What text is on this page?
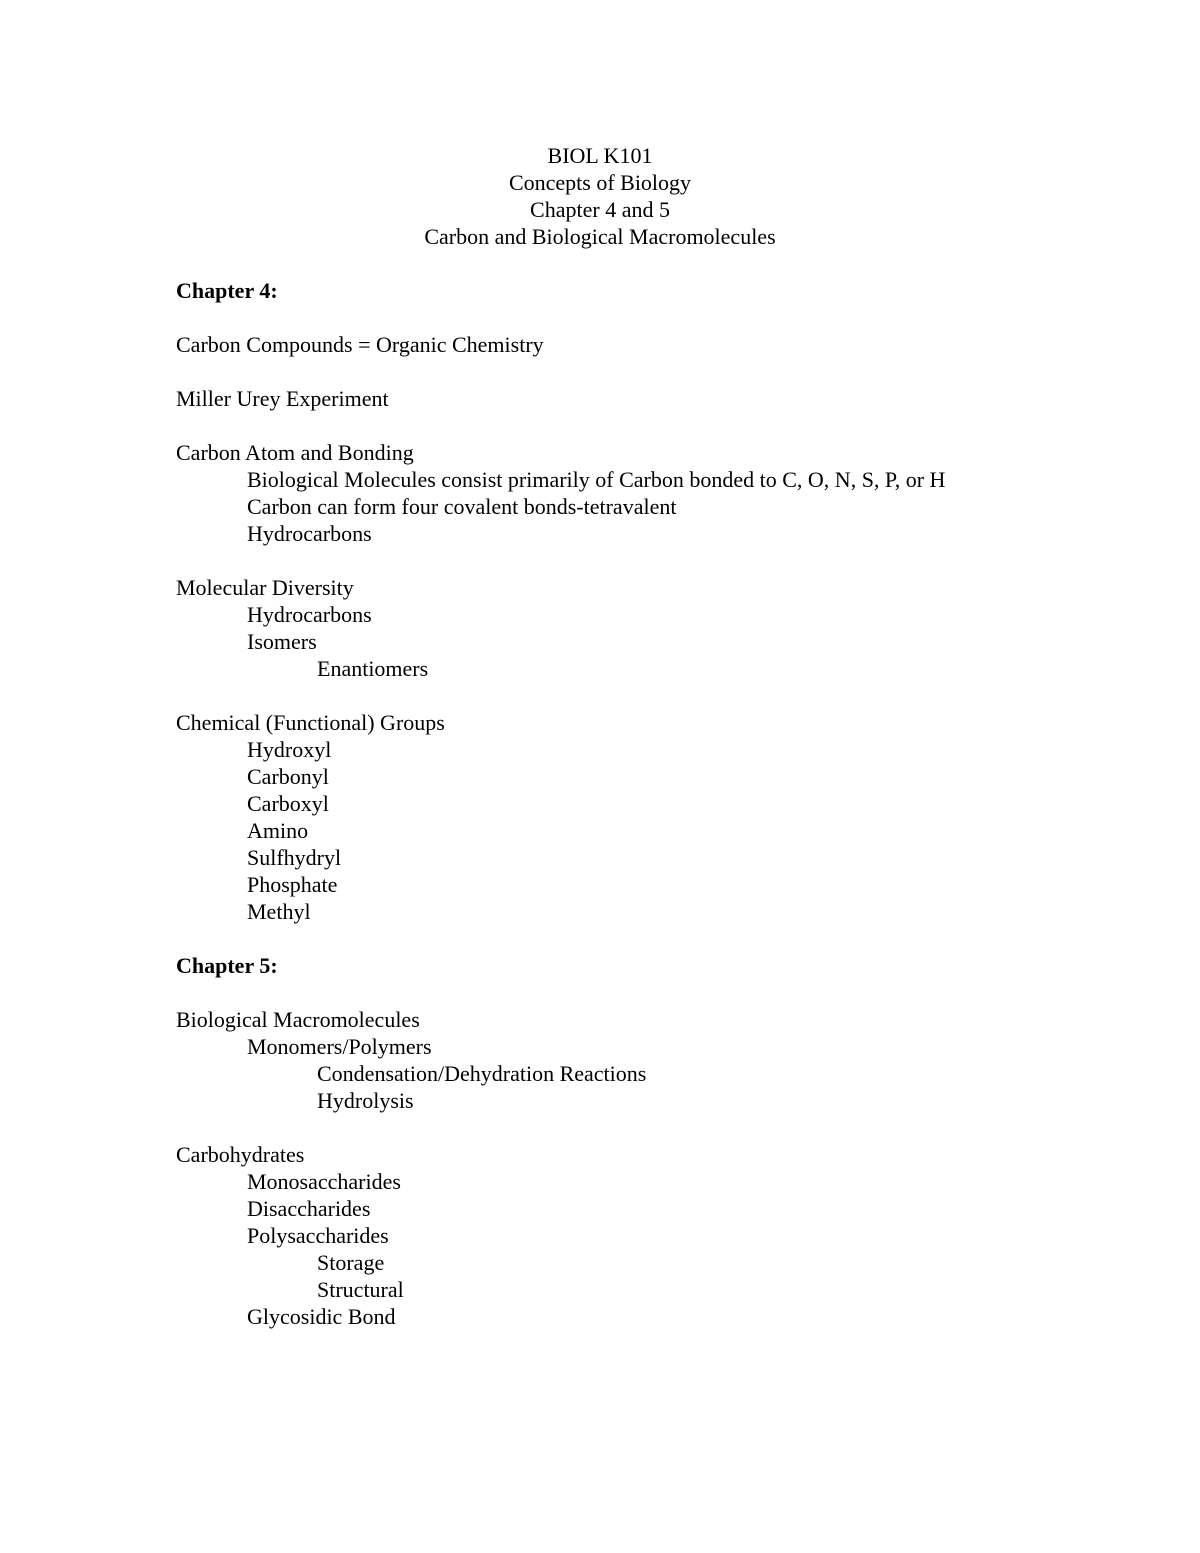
BIOL K101
Concepts of Biology
Chapter 4 and 5
Carbon and Biological Macromolecules
Chapter 4:
Carbon Compounds = Organic Chemistry
Miller Urey Experiment
Carbon Atom and Bonding
Biological Molecules consist primarily of Carbon bonded to C, O, N, S, P, or H
Carbon can form four covalent bonds-tetravalent
Hydrocarbons
Molecular Diversity
Hydrocarbons
Isomers
Enantiomers
Chemical (Functional) Groups
Hydroxyl
Carbonyl
Carboxyl
Amino
Sulfhydryl
Phosphate
Methyl
Chapter 5:
Biological Macromolecules
Monomers/Polymers
Condensation/Dehydration Reactions
Hydrolysis
Carbohydrates
Monosaccharides
Disaccharides
Polysaccharides
Storage
Structural
Glycosidic Bond
